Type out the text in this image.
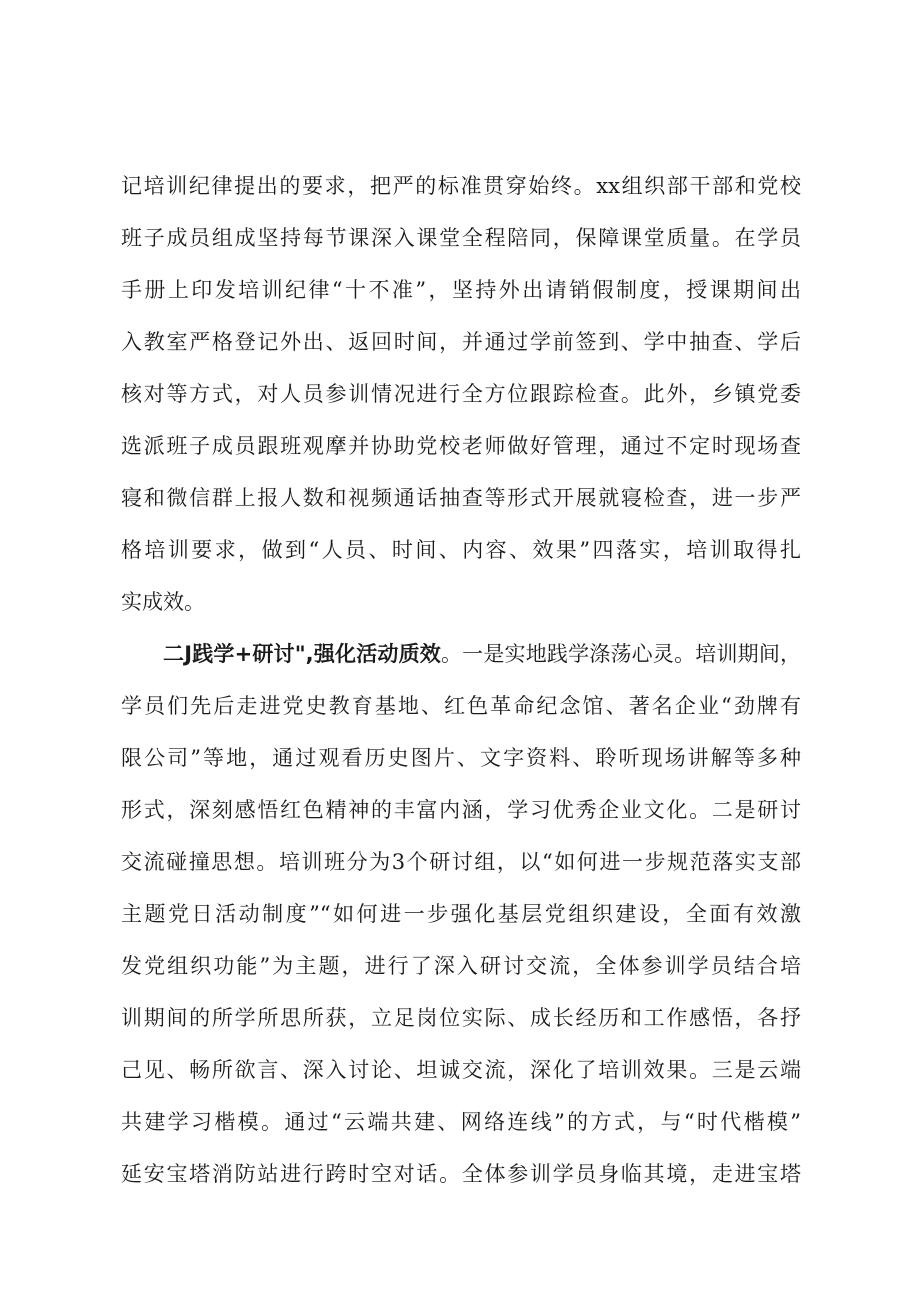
记培训纪律提出的要求，把严的标准贯穿始终。xx组织部干部和党校
班子成员组成坚持每节课深入课堂全程陪同，保障课堂质量。在学员
手册上印发培训纪律“十不准”，坚持外出请销假制度，授课期间出
入教室严格登记外出、返回时间，并通过学前签到、学中抽查、学后
核对等方式，对人员参训情况进行全方位跟踪检查。此外，乡镇党委
选派班子成员跟班观摩并协助党校老师做好管理，通过不定时现场查
寝和微信群上报人数和视频通话抽查等形式开展就寝检查，进一步严
格培训要求，做到“人员、时间、内容、效果”四落实，培训取得扎
实成效。
二J践学+研讨",强化活动质效。一是实地践学涤荡心灵。培训期间，
学员们先后走进党史教育基地、红色革命纪念馆、著名企业“劲牌有
限公司”等地，通过观看历史图片、文字资料、聆听现场讲解等多种
形式，深刻感悟红色精神的丰富内涵，学习优秀企业文化。二是研讨
交流碰撞思想。培训班分为3个研讨组，以“如何进一步规范落实支部
主题党日活动制度”“如何进一步强化基层党组织建设，全面有效激
发党组织功能”为主题，进行了深入研讨交流，全体参训学员结合培
训期间的所学所思所获，立足岗位实际、成长经历和工作感悟，各抒
己见、畅所欲言、深入讨论、坦诚交流，深化了培训效果。三是云端
共建学习楷模。通过“云端共建、网络连线”的方式，与“时代楷模”
延安宝塔消防站进行跨时空对话。全体参训学员身临其境，走进宝塔
